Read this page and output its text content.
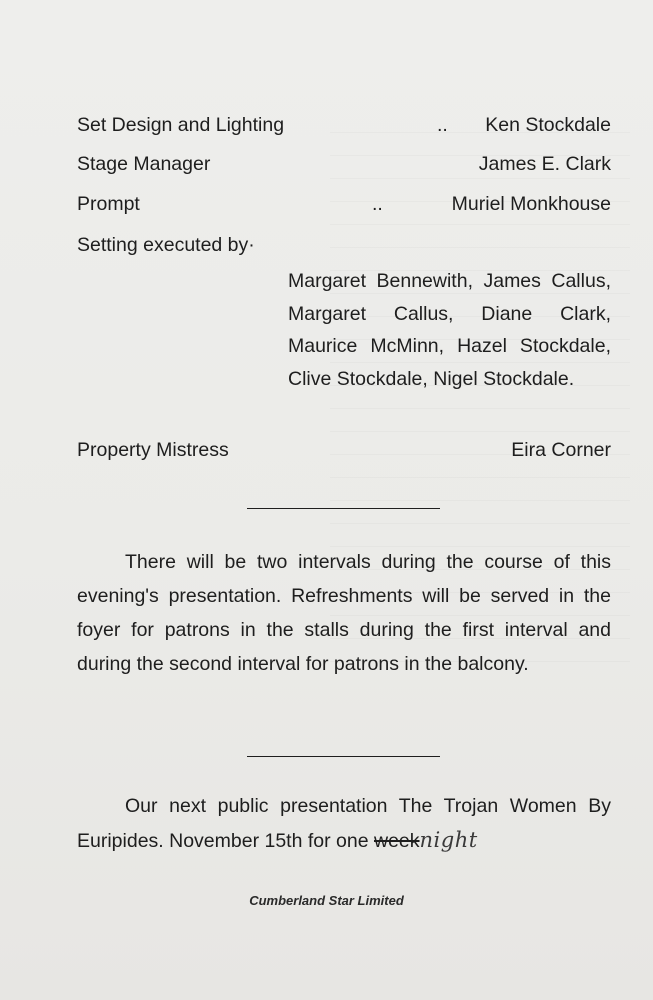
Set Design and Lighting	.. Ken Stockdale
Stage Manager	James E. Clark
Prompt	..	Muriel Monkhouse
Setting executed by·
Margaret Bennewith, James Callus, Margaret Callus, Diane Clark, Maurice McMinn, Hazel Stockdale, Clive Stockdale, Nigel Stockdale.
Property Mistress	Eira Corner
There will be two intervals during the course of this evening's presentation. Refreshments will be served in the foyer for patrons in the stalls during the first interval and during the second interval for patrons in the balcony.
Our next public presentation The Trojan Women By Euripides. November 15th for one weeknight
Cumberland Star Limited
